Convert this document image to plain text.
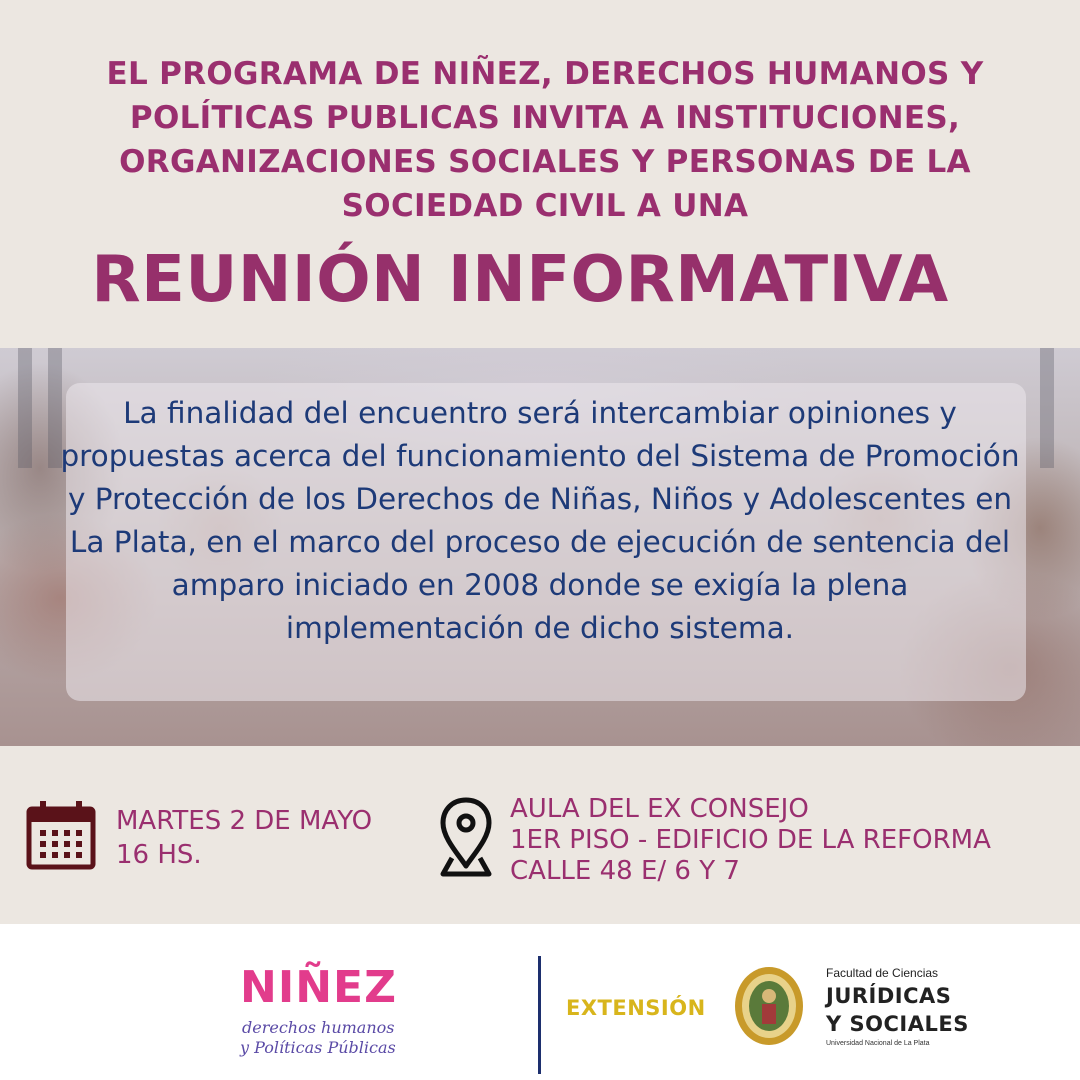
EL PROGRAMA DE NIÑEZ, DERECHOS HUMANOS Y POLÍTICAS PUBLICAS INVITA A INSTITUCIONES, ORGANIZACIONES SOCIALES Y PERSONAS DE LA SOCIEDAD CIVIL A UNA
REUNIÓN INFORMATIVA
La finalidad del encuentro será intercambiar opiniones y propuestas acerca del funcionamiento del Sistema de Promoción y Protección de los Derechos de Niñas, Niños y Adolescentes en La Plata, en el marco del proceso de ejecución de sentencia del amparo iniciado en 2008 donde se exigía la plena implementación de dicho sistema.
MARTES 2 DE MAYO
16 HS.
AULA DEL EX CONSEJO
1ER PISO - EDIFICIO DE LA REFORMA
CALLE 48 E/ 6 Y 7
NIÑEZ
derechos humanos
y Políticas Públicas
EXTENSIÓN
Facultad de Ciencias
JURÍDICAS
Y SOCIALES
Universidad Nacional de La Plata
